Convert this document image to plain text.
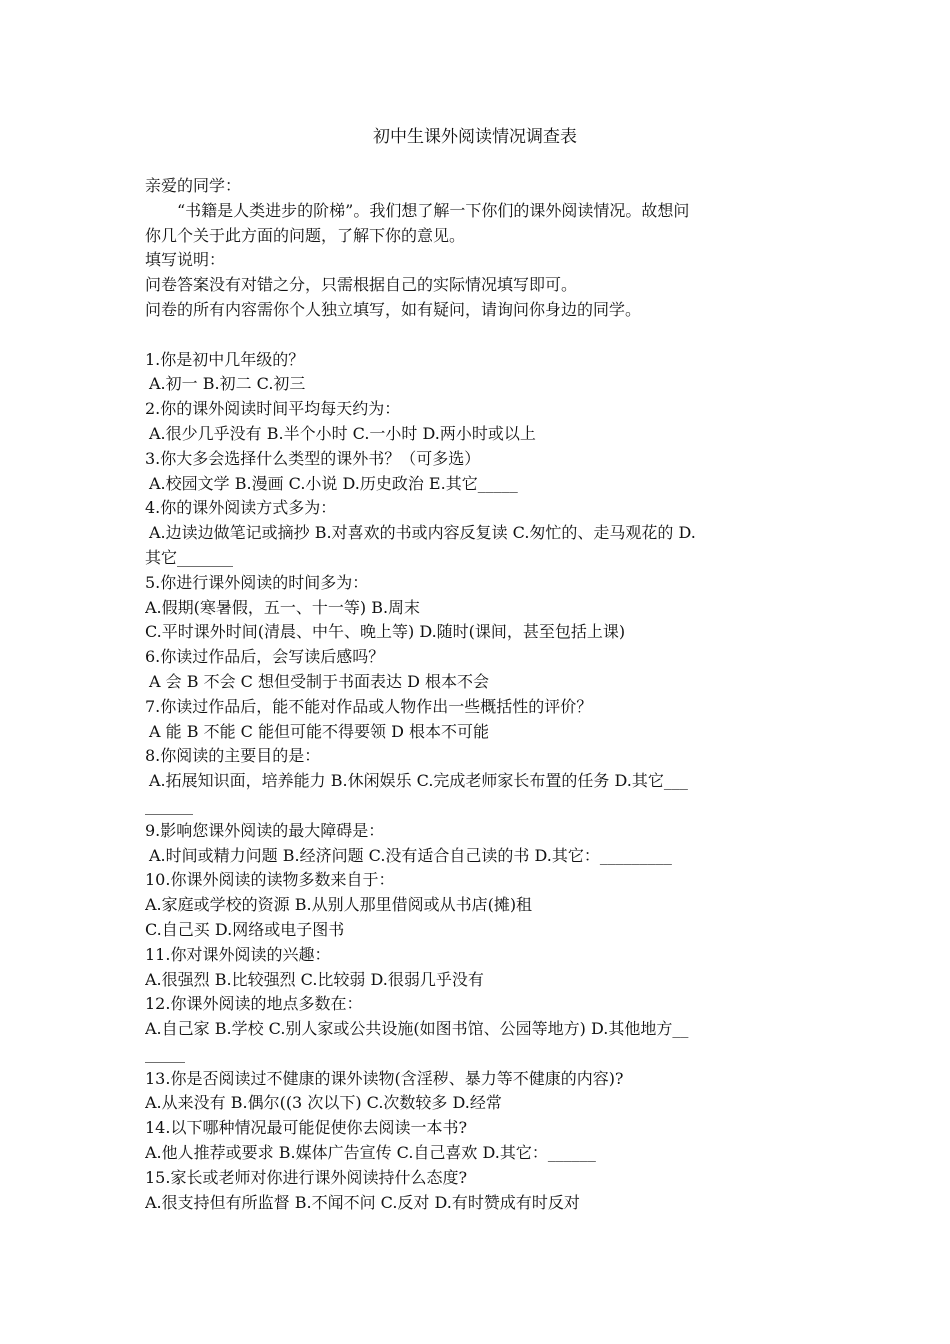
初中生课外阅读情况调查表
亲爱的同学：
“书籍是人类进步的阶梯”。我们想了解一下你们的课外阅读情况。故想问
你几个关于此方面的问题，了解下你的意见。
填写说明：
问卷答案没有对错之分，只需根据自己的实际情况填写即可。
问卷的所有内容需你个人独立填写，如有疑问，请询问你身边的同学。
1.你是初中几年级的？
A.初一 B.初二 C.初三
2.你的课外阅读时间平均每天约为：
A.很少几乎没有 B.半个小时 C.一小时 D.两小时或以上
3.你大多会选择什么类型的课外书？（可多选）
A.校园文学 B.漫画 C.小说 D.历史政治 E.其它_____
4.你的课外阅读方式多为：
A.边读边做笔记或摘抄 B.对喜欢的书或内容反复读 C.匆忙的、走马观花的 D.
其它_______
5.你进行课外阅读的时间多为：
A.假期(寒暑假，五一、十一等) B.周末
C.平时课外时间(清晨、中午、晚上等) D.随时(课间，甚至包括上课)
6.你读过作品后，会写读后感吗？
A 会 B 不会 C 想但受制于书面表达 D 根本不会
7.你读过作品后，能不能对作品或人物作出一些概括性的评价？
A 能 B 不能 C 能但可能不得要领 D 根本不可能
8.你阅读的主要目的是：
A.拓展知识面，培养能力 B.休闲娱乐 C.完成老师家长布置的任务 D.其它___
______
9.影响您课外阅读的最大障碍是：
A.时间或精力问题 B.经济问题 C.没有适合自己读的书 D.其它：_________
10.你课外阅读的读物多数来自于：
A.家庭或学校的资源 B.从别人那里借阅或从书店(摊)租
C.自己买 D.网络或电子图书
11.你对课外阅读的兴趣：
A.很强烈 B.比较强烈 C.比较弱 D.很弱几乎没有
12.你课外阅读的地点多数在：
A.自己家 B.学校 C.别人家或公共设施(如图书馆、公园等地方) D.其他地方__
_____
13.你是否阅读过不健康的课外读物(含淫秽、暴力等不健康的内容)?
A.从来没有 B.偶尔((3 次以下) C.次数较多 D.经常
14.以下哪种情况最可能促使你去阅读一本书?
A.他人推荐或要求 B.媒体广告宣传 C.自己喜欢 D.其它：______
15.家长或老师对你进行课外阅读持什么态度?
A.很支持但有所监督 B.不闻不问 C.反对 D.有时赞成有时反对
